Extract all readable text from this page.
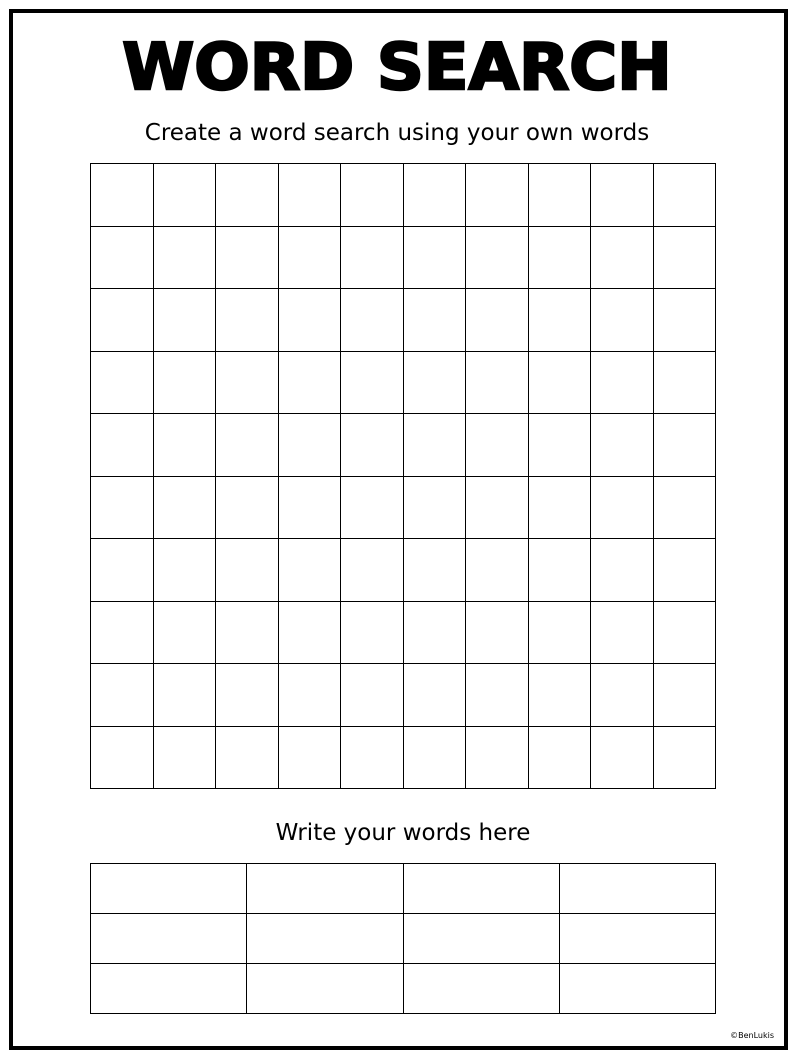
WORD SEARCH
Create a word search using your own words
Write your words here
©BenLukis
